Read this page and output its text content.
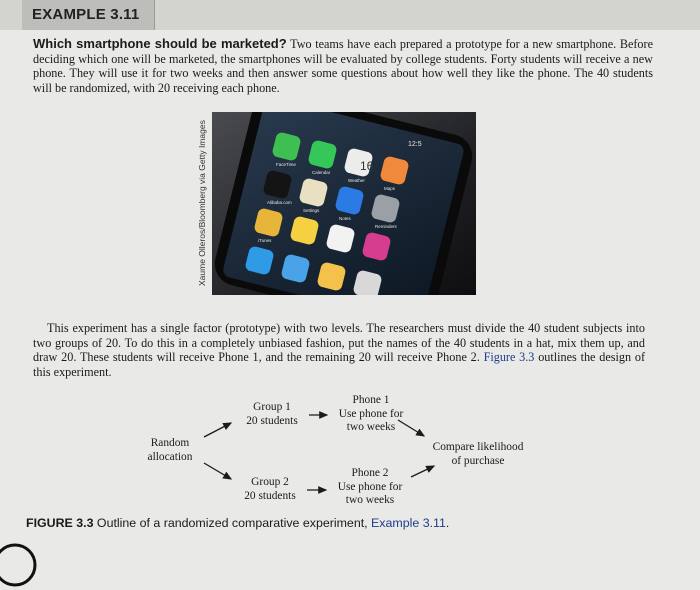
EXAMPLE 3.11

Which smartphone should be marketed? Two teams have each prepared a prototype for a new smartphone. Before deciding which one will be marketed, the smartphones will be evaluated by college students. Forty students will receive a new phone. They will use it for two weeks and then answer some questions about how well they like the phone. The 40 students will be randomized, with 20 receiving each phone.

Xaume Olleros/Bloomberg via Getty Images	FaceTime
Calendar
Weather
Maps
Alibaba.com
Settings
Notes
Reminders
iTunes
12:5
16

This experiment has a single factor (prototype) with two levels. The researchers must divide the 40 student subjects into two groups of 20. To do this in a completely unbiased fashion, put the names of the 40 students in a hat, mix them up, and draw 20. These students will receive Phone 1, and the remaining 20 will receive Phone 2. Figure 3.3 outlines the design of this experiment.

Random
allocation
Group 1
20 students
Phone 1
Use phone for
two weeks
Group 2
20 students
Phone 2
Use phone for
two weeks
Compare likelihood
of purchase
FIGURE 3.3 Outline of a randomized comparative experiment, Example 3.11.
